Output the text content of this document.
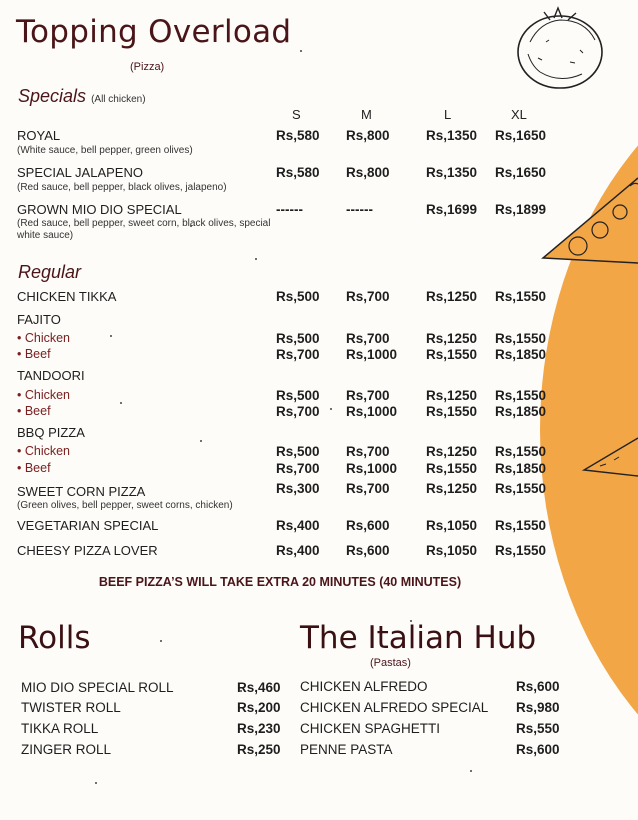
Topping Overload
(Pizza)
Specials (All chicken)
S	M	L	XL
ROYAL
(White sauce, bell pepper, green olives)
Rs,580 Rs,800	Rs,1350 Rs,1650
SPECIAL JALAPENO
(Red sauce, bell pepper, black olives, jalapeno)
Rs,580 Rs,800	Rs,1350 Rs,1650
GROWN MIO DIO SPECIAL
(Red sauce, bell pepper, sweet corn, black olives, special white sauce)
------	------	Rs,1699 Rs,1899
Regular
CHICKEN TIKKA	Rs,500 Rs,700	Rs,1250 Rs,1550
FAJITO
• Chicken	Rs,500 Rs,700	Rs,1250 Rs,1550
• Beef	Rs,700 Rs,1000 Rs,1550 Rs,1850
TANDOORI
• Chicken	Rs,500 Rs,700	Rs,1250 Rs,1550
• Beef	Rs,700 Rs,1000 Rs,1550 Rs,1850
BBQ PIZZA
• Chicken	Rs,500 Rs,700	Rs,1250 Rs,1550
• Beef	Rs,700 Rs,1000 Rs,1550 Rs,1850
SWEET CORN PIZZA
(Green olives, bell pepper, sweet corns, chicken)
Rs,300 Rs,700	Rs,1250 Rs,1550
VEGETARIAN SPECIAL	Rs,400 Rs,600	Rs,1050 Rs,1550
CHEESY PIZZA LOVER	Rs,400 Rs,600	Rs,1050 Rs,1550
BEEF PIZZA’S WILL TAKE EXTRA 20 MINUTES (40 MINUTES)
Rolls
MIO DIO SPECIAL ROLL	Rs,460
TWISTER ROLL	Rs,200
TIKKA ROLL	Rs,230
ZINGER ROLL	Rs,250
The Italian Hub
(Pastas)
CHICKEN ALFREDO	Rs,600
CHICKEN ALFREDO SPECIAL Rs,980
CHICKEN SPAGHETTI	Rs,550
PENNE PASTA	Rs,600
